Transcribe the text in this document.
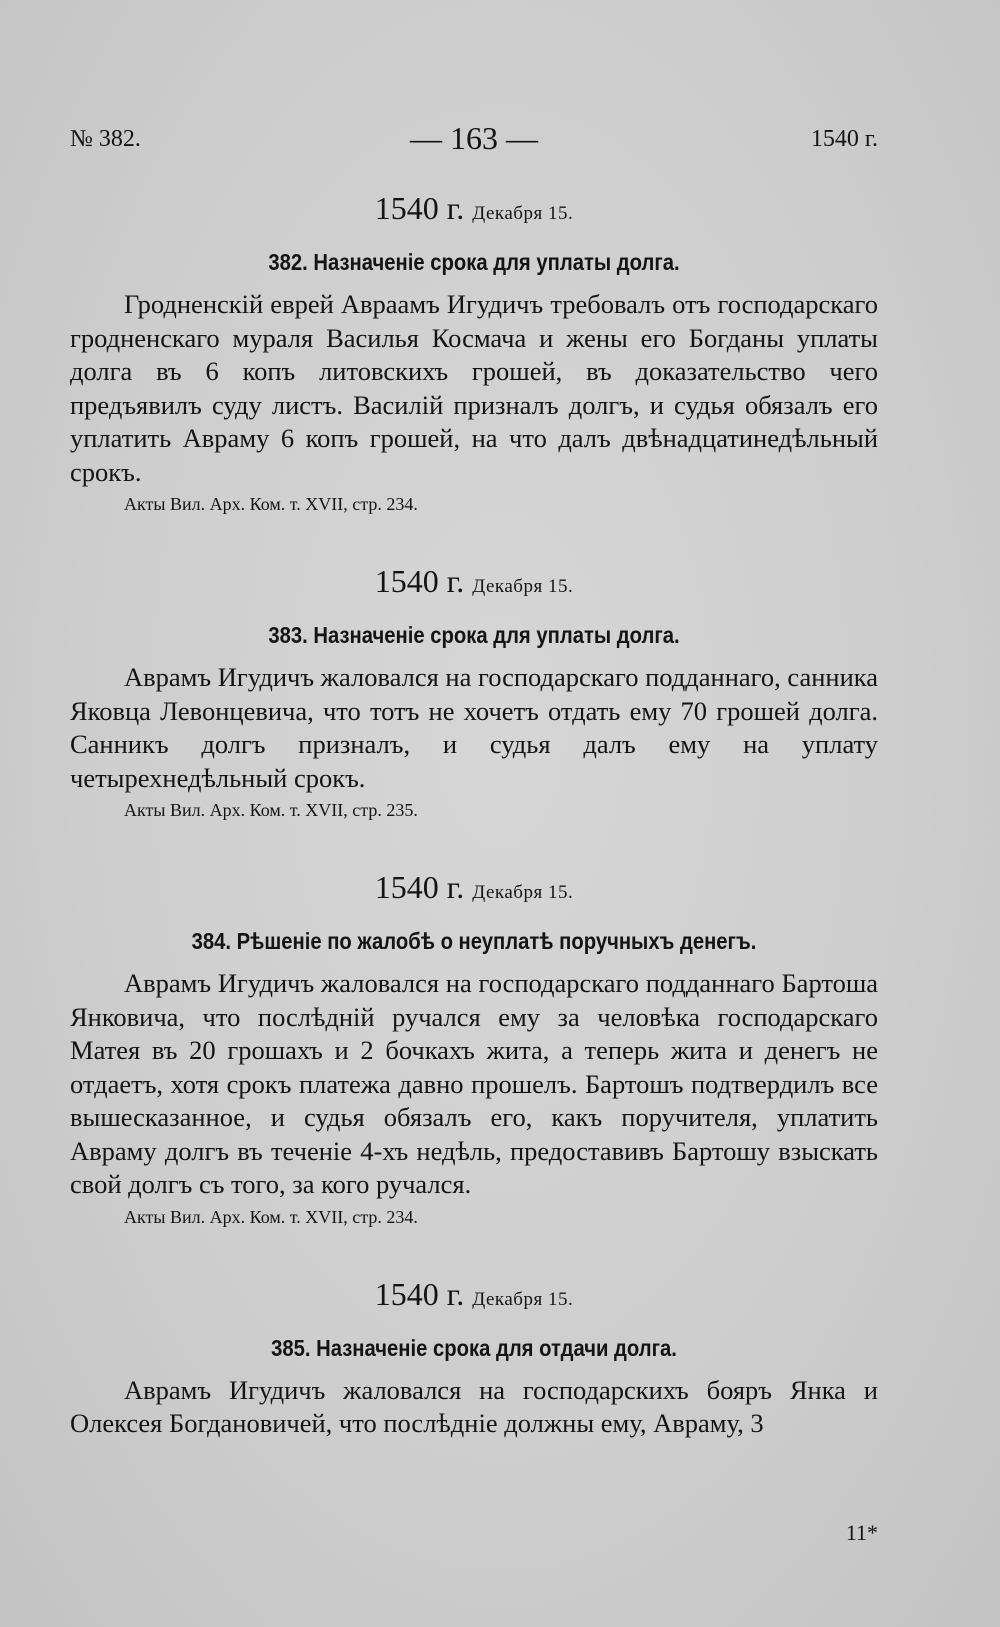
№ 382.	— 163 —	1540 г.

1540 г. Декабря 15.

382. Назначеніе срока для уплаты долга.

Гродненскій еврей Авраамъ Игудичъ требовалъ отъ господарскаго гродненскаго мураля Василья Космача и жены его Богданы уплаты долга въ 6 копъ литовскихъ грошей, въ доказательство чего предъявилъ суду листъ. Василій призналъ долгъ, и судья обязалъ его уплатить Авраму 6 копъ грошей, на что далъ двѣнадцатинедѣльный срокъ.

Акты Вил. Арх. Ком. т. XVII, стр. 234.

1540 г. Декабря 15.

383. Назначеніе срока для уплаты долга.

Аврамъ Игудичъ жаловался на господарскаго подданнаго, санника Яковца Левонцевича, что тотъ не хочетъ отдать ему 70 грошей долга. Санникъ долгъ призналъ, и судья далъ ему на уплату четырехнедѣльный срокъ.

Акты Вил. Арх. Ком. т. XVII, стр. 235.

1540 г. Декабря 15.

384. Рѣшеніе по жалобѣ о неуплатѣ поручныхъ денегъ.

Аврамъ Игудичъ жаловался на господарскаго подданнаго Бартоша Янковича, что послѣдній ручался ему за человѣка господарскаго Матея въ 20 грошахъ и 2 бочкахъ жита, а теперь жита и денегъ не отдаетъ, хотя срокъ платежа давно прошелъ. Бартошъ подтвердилъ все вышесказанное, и судья обязалъ его, какъ поручителя, уплатить Авраму долгъ въ теченіе 4-хъ недѣль, предоставивъ Бартошу взыскать свой долгъ съ того, за кого ручался.

Акты Вил. Арх. Ком. т. XVII, стр. 234.

1540 г. Декабря 15.

385. Назначеніе срока для отдачи долга.

Аврамъ Игудичъ жаловался на господарскихъ бояръ Янка и Олексея Богдановичей, что послѣдніе должны ему, Авраму, 3

11*
